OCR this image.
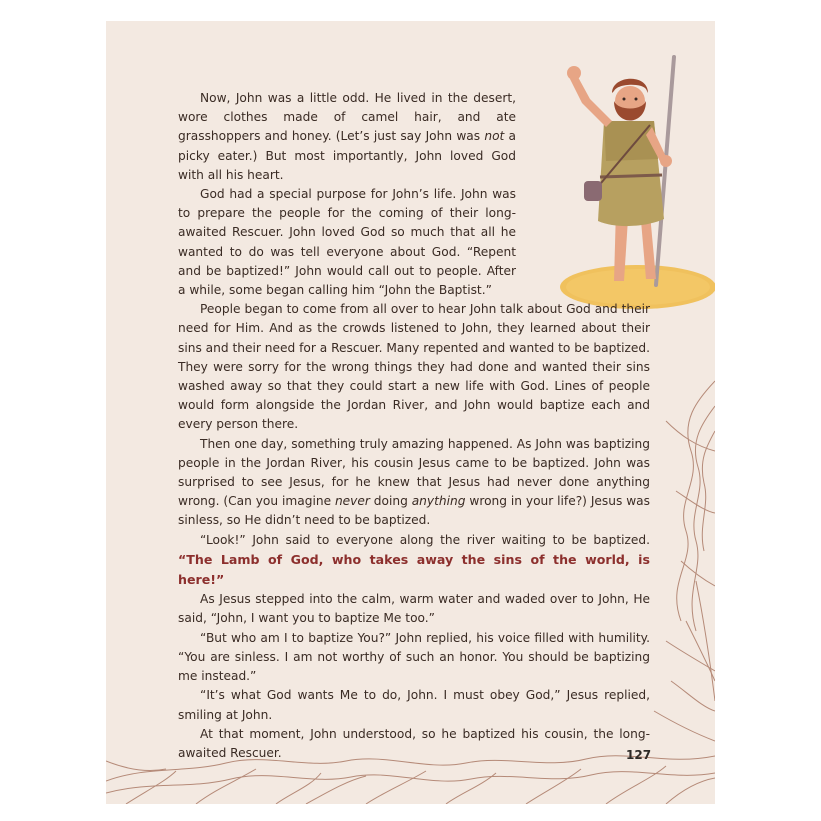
Now, John was a little odd. He lived in the desert, wore clothes made of camel hair, and ate grasshoppers and honey. (Let’s just say John was not a picky eater.) But most importantly, John loved God with all his heart.

God had a special purpose for John’s life. John was to prepare the people for the coming of their long-awaited Rescuer. John loved God so much that all he wanted to do was tell everyone about God. “Repent and be baptized!” John would call out to people. After a while, some began calling him “John the Baptist.”

People began to come from all over to hear John talk about God and their need for Him. And as the crowds listened to John, they learned about their sins and their need for a Rescuer. Many repented and wanted to be baptized. They were sorry for the wrong things they had done and wanted their sins washed away so that they could start a new life with God. Lines of people would form alongside the Jordan River, and John would baptize each and every person there.

Then one day, something truly amazing happened. As John was baptizing people in the Jordan River, his cousin Jesus came to be baptized. John was surprised to see Jesus, for he knew that Jesus had never done anything wrong. (Can you imagine never doing anything wrong in your life?) Jesus was sinless, so He didn’t need to be baptized.

“Look!” John said to everyone along the river waiting to be baptized. “The Lamb of God, who takes away the sins of the world, is here!”

As Jesus stepped into the calm, warm water and waded over to John, He said, “John, I want you to baptize Me too.”

“But who am I to baptize You?” John replied, his voice filled with humility. “You are sinless. I am not worthy of such an honor. You should be baptizing me instead.”

“It’s what God wants Me to do, John. I must obey God,” Jesus replied, smiling at John.

At that moment, John understood, so he baptized his cousin, the long-awaited Rescuer.	127
